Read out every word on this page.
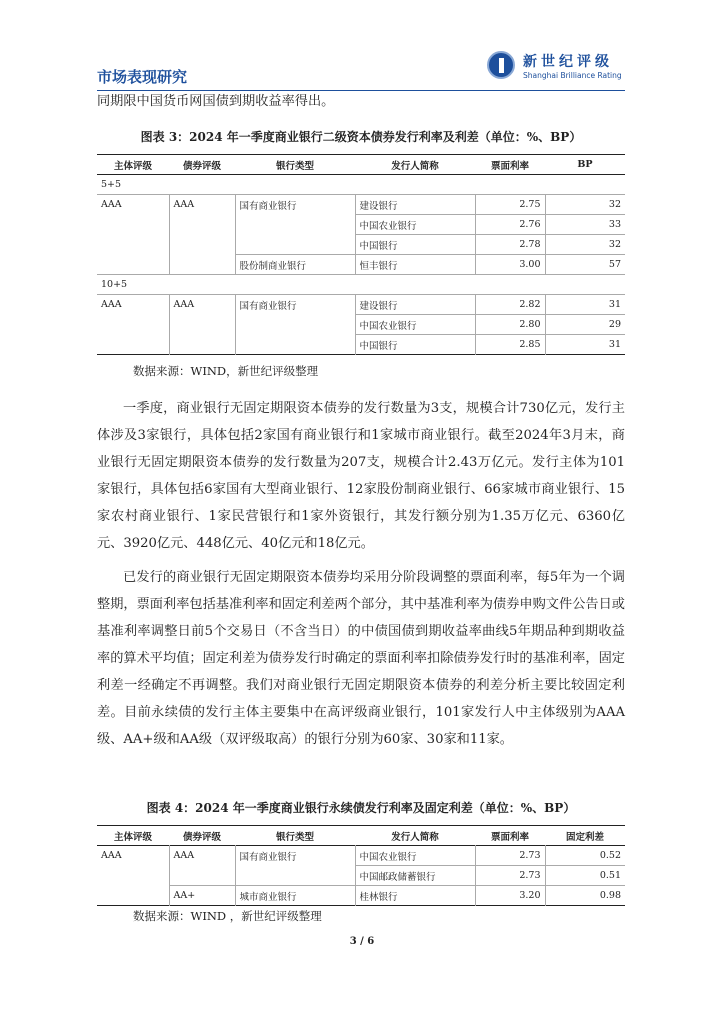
市场表现研究
新世纪评级
Shanghai Brilliance Rating
同期限中国货币网国债到期收益率得出。
图表 3：2024 年一季度商业银行二级资本债券发行利率及利差（单位：%、BP）
主体评级	债券评级	银行类型	发行人简称	票面利率	BP
5+5					
AAA	AAA	国有商业银行	建设银行	2.75	32
			中国农业银行	2.76	33
			中国银行	2.78	32
		股份制商业银行	恒丰银行	3.00	57
10+5					
AAA	AAA	国有商业银行	建设银行	2.82	31
			中国农业银行	2.80	29
			中国银行	2.85	31
数据来源：WIND，新世纪评级整理
一季度，商业银行无固定期限资本债券的发行数量为3支，规模合计730亿元，发行主体涉及3家银行，具体包括2家国有商业银行和1家城市商业银行。截至2024年3月末，商业银行无固定期限资本债券的发行数量为207支，规模合计2.43万亿元。发行主体为101家银行，具体包括6家国有大型商业银行、12家股份制商业银行、66家城市商业银行、15家农村商业银行、1家民营银行和1家外资银行，其发行额分别为1.35万亿元、6360亿元、3920亿元、448亿元、40亿元和18亿元。
已发行的商业银行无固定期限资本债券均采用分阶段调整的票面利率，每5年为一个调整期，票面利率包括基准利率和固定利差两个部分，其中基准利率为债券申购文件公告日或基准利率调整日前5个交易日（不含当日）的中债国债到期收益率曲线5年期品种到期收益率的算术平均值；固定利差为债券发行时确定的票面利率扣除债券发行时的基准利率，固定利差一经确定不再调整。我们对商业银行无固定期限资本债券的利差分析主要比较固定利差。目前永续债的发行主体主要集中在高评级商业银行，101家发行人中主体级别为AAA级、AA+级和AA级（双评级取高）的银行分别为60家、30家和11家。
图表 4：2024 年一季度商业银行永续债发行利率及固定利差（单位：%、BP）
主体评级	债券评级	银行类型	发行人简称	票面利率	固定利差
AAA	AAA	国有商业银行	中国农业银行	2.73	0.52
			中国邮政储蓄银行	2.73	0.51
	AA+	城市商业银行	桂林银行	3.20	0.98
数据来源：WIND ，新世纪评级整理
3 / 6
